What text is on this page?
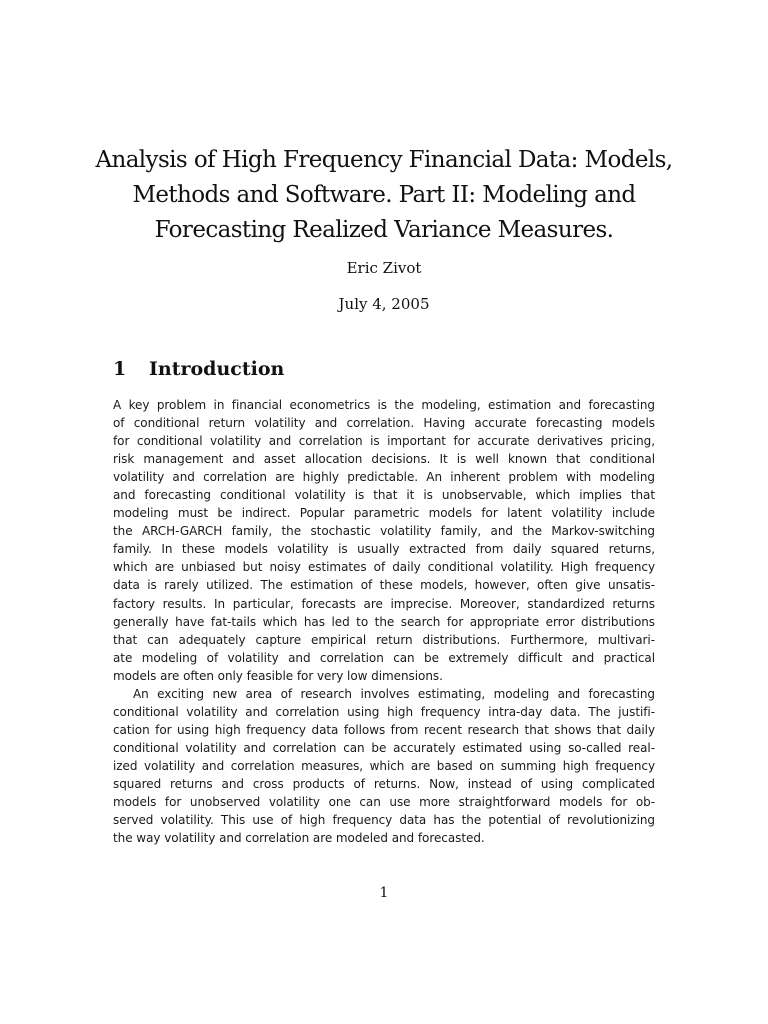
Analysis of High Frequency Financial Data: Models,
Methods and Software. Part II: Modeling and
Forecasting Realized Variance Measures.
Eric Zivot
July 4, 2005
1 Introduction
A key problem in financial econometrics is the modeling, estimation and forecasting
of conditional return volatility and correlation. Having accurate forecasting models
for conditional volatility and correlation is important for accurate derivatives pricing,
risk management and asset allocation decisions. It is well known that conditional
volatility and correlation are highly predictable. An inherent problem with modeling
and forecasting conditional volatility is that it is unobservable, which implies that
modeling must be indirect. Popular parametric models for latent volatility include
the ARCH-GARCH family, the stochastic volatility family, and the Markov-switching
family. In these models volatility is usually extracted from daily squared returns,
which are unbiased but noisy estimates of daily conditional volatility. High frequency
data is rarely utilized. The estimation of these models, however, often give unsatis-
factory results. In particular, forecasts are imprecise. Moreover, standardized returns
generally have fat-tails which has led to the search for appropriate error distributions
that can adequately capture empirical return distributions. Furthermore, multivari-
ate modeling of volatility and correlation can be extremely difficult and practical
models are often only feasible for very low dimensions.
An exciting new area of research involves estimating, modeling and forecasting
conditional volatility and correlation using high frequency intra-day data. The justifi-
cation for using high frequency data follows from recent research that shows that daily
conditional volatility and correlation can be accurately estimated using so-called real-
ized volatility and correlation measures, which are based on summing high frequency
squared returns and cross products of returns. Now, instead of using complicated
models for unobserved volatility one can use more straightforward models for ob-
served volatility. This use of high frequency data has the potential of revolutionizing
the way volatility and correlation are modeled and forecasted.
1
